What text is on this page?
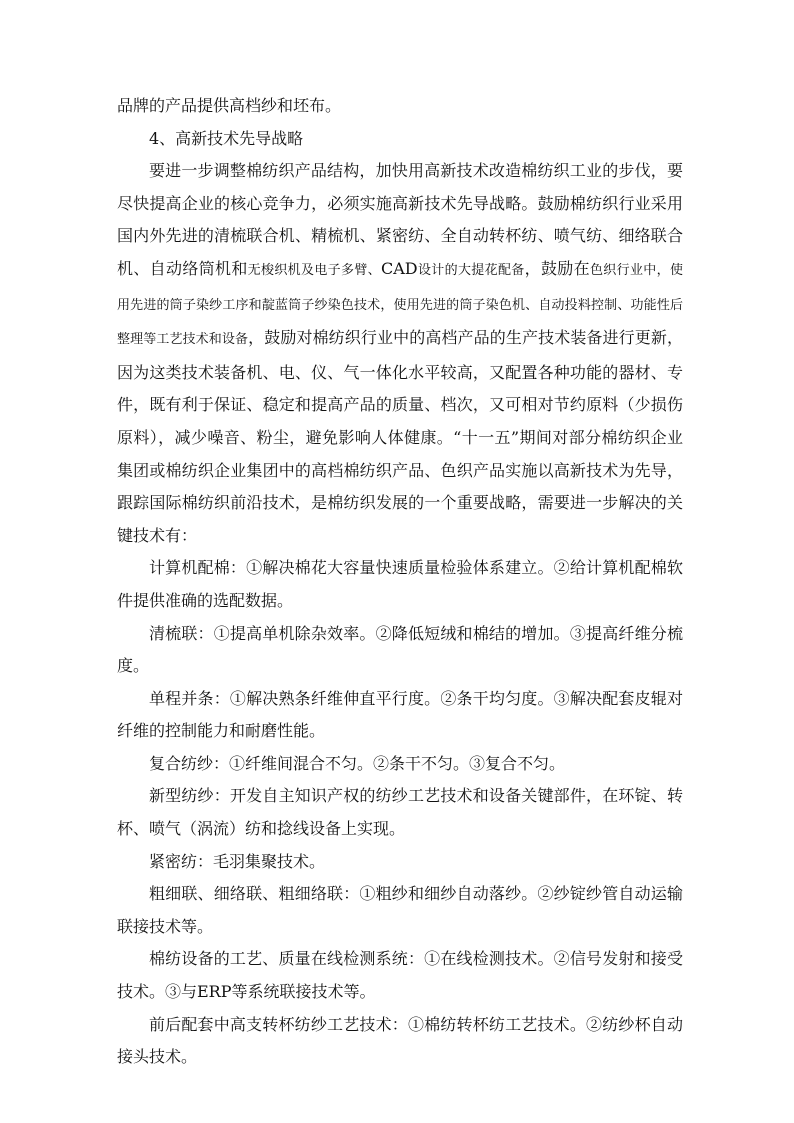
品牌的产品提供高档纱和坯布。

4、高新技术先导战略

要进一步调整棉纺织产品结构，加快用高新技术改造棉纺织工业的步伐，要尽快提高企业的核心竞争力，必须实施高新技术先导战略。鼓励棉纺织行业采用国内外先进的清梳联合机、精梳机、紧密纺、全自动转杯纺、喷气纺、细络联合机、自动络筒机和无梭织机及电子多臂、CAD设计的大提花配备，鼓励在色织行业中，使用先进的筒子染纱工序和靛蓝筒子纱染色技术，使用先进的筒子染色机、自动投料控制、功能性后整理等工艺技术和设备，鼓励对棉纺织行业中的高档产品的生产技术装备进行更新，因为这类技术装备机、电、仪、气一体化水平较高，又配置各种功能的器材、专件，既有利于保证、稳定和提高产品的质量、档次，又可相对节约原料（少损伤原料），减少噪音、粉尘，避免影响人体健康。“十一五”期间对部分棉纺织企业集团或棉纺织企业集团中的高档棉纺织产品、色织产品实施以高新技术为先导，跟踪国际棉纺织前沿技术，是棉纺织发展的一个重要战略，需要进一步解决的关键技术有：

计算机配棉：①解决棉花大容量快速质量检验体系建立。②给计算机配棉软件提供准确的选配数据。

清梳联：①提高单机除杂效率。②降低短绒和棉结的增加。③提高纤维分梳度。

单程并条：①解决熟条纤维伸直平行度。②条干均匀度。③解决配套皮辊对纤维的控制能力和耐磨性能。

复合纺纱：①纤维间混合不匀。②条干不匀。③复合不匀。

新型纺纱：开发自主知识产权的纺纱工艺技术和设备关键部件，在环锭、转杯、喷气（涡流）纺和捻线设备上实现。

紧密纺：毛羽集聚技术。

粗细联、细络联、粗细络联：①粗纱和细纱自动落纱。②纱锭纱管自动运输联接技术等。

棉纺设备的工艺、质量在线检测系统：①在线检测技术。②信号发射和接受技术。③与ERP等系统联接技术等。

前后配套中高支转杯纺纱工艺技术：①棉纺转杯纺工艺技术。②纺纱杯自动接头技术。
